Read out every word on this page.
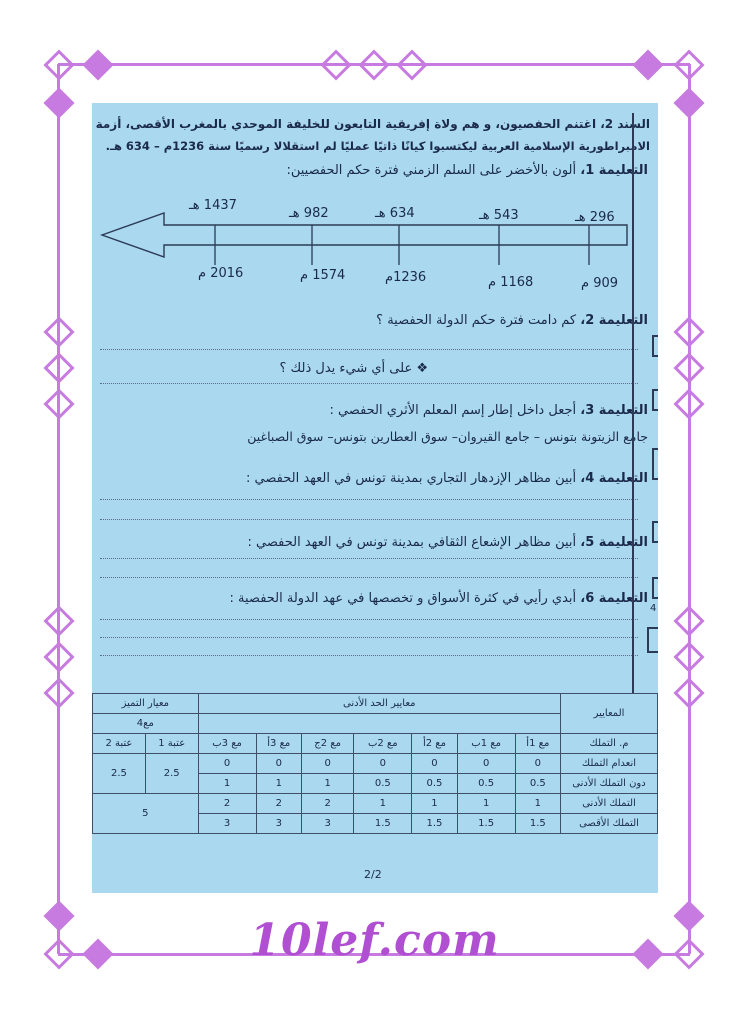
السند 2، اغتنم الحفصيون، و هم ولاة إفريقية التابعون للخليفة الموحدي بالمغرب الأقصى، أزمة
الامبراطورية الإسلامية العربية ليكتسبوا كيانًا ذاتيًا عمليًا لم استقلالا رسميًا سنة 1236م – 634 هـ.
التعليمة 1، ألون بالأخضر على السلم الزمني فترة حكم الحفصيين:
1437 هـ
982 هـ	634 هـ	543 هـ	296 هـ
2016 م	1574 م	1236م	1168 م	909 م
التعليمة 2، كم دامت فترة حكم الدولة الحفصية ؟
❖ على أي شيء يدل ذلك ؟
التعليمة 3، أجعل داخل إطار إسم المعلم الأثري الحفصي :
جامع الزيتونة بتونس – جامع القيروان– سوق العطارين بتونس– سوق الصباغين
التعليمة 4، أبين مظاهر الإزدهار التجاري بمدينة تونس في العهد الحفصي :
التعليمة 5، أبين مظاهر الإشعاع الثقافي بمدينة تونس في العهد الحفصي :
التعليمة 6، أبدي رأيي في كثرة الأسواق و تخصصها في عهد الدولة الحفصية :
4
المعايير	معايير الحد الأدنى							معيار التميز	
								مع4	
م. التملك	مع 1أ	مع 1ب	مع 2أ	مع 2ب	مع 2ج	مع 3أ	مع 3ب	عتبة 1	عتبة 2
انعدام التملك	0	0	0	0	0	0	0	2.5	2.5
دون التملك الأدنى	0.5	0.5	0.5	0.5	1	1	1		
التملك الأدنى	1	1	1	1	2	2	2	5	
التملك الأقصى	1.5	1.5	1.5	1.5	3	3	3		
2/2
10lef.com
